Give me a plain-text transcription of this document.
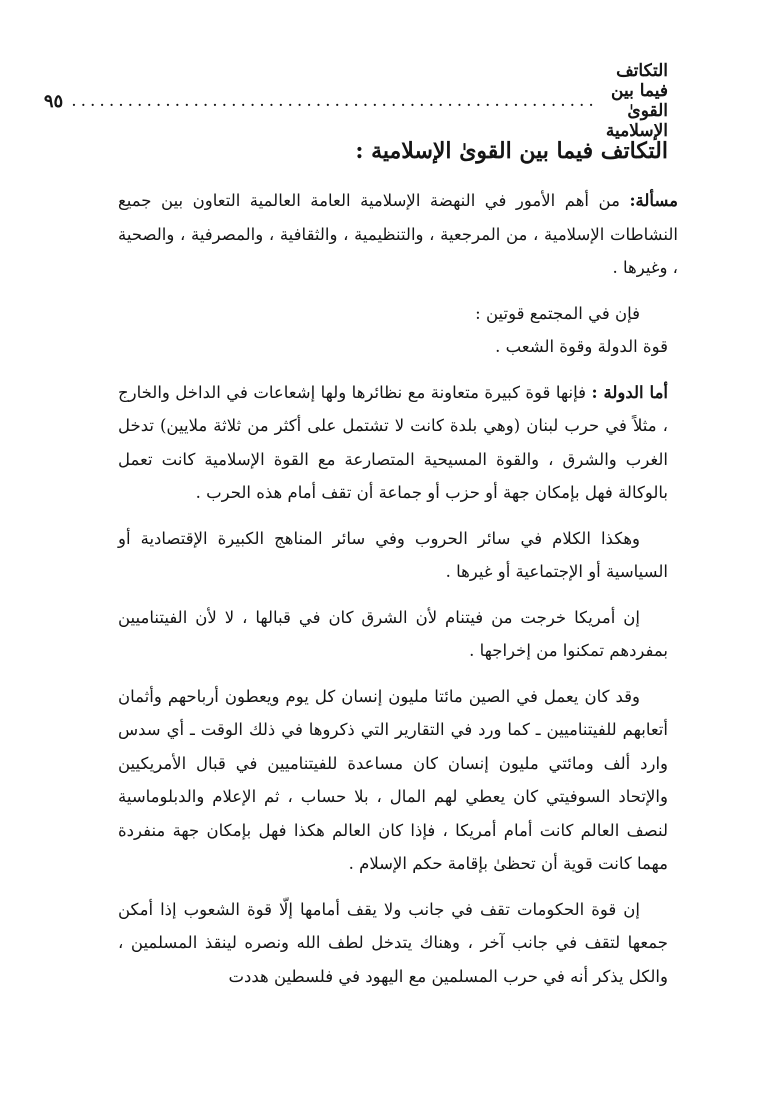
التكاتف فيما بين القوىٰ الإسلامية
........................................................
٩٥
التكاتف فيما بين القوىٰ الإسلامية :

مسألة: من أهم الأمور في النهضة الإسلامية العامة العالمية التعاون بين جميع النشاطات الإسلامية ، من المرجعية ، والتنظيمية ، والثقافية ، والمصرفية ، والصحية ، وغيرها .

فإن في المجتمع قوتين :

قوة الدولة وقوة الشعب .

أما الدولة : فإنها قوة كبيرة متعاونة مع نظائرها ولها إشعاعات في الداخل والخارج ، مثلاً في حرب لبنان (وهي بلدة كانت لا تشتمل على أكثر من ثلاثة ملايين) تدخل الغرب والشرق ، والقوة المسيحية المتصارعة مع القوة الإسلامية كانت تعمل بالوكالة فهل بإمكان جهة أو حزب أو جماعة أن تقف أمام هذه الحرب .

وهكذا الكلام في سائر الحروب وفي سائر المناهج الكبيرة الإقتصادية أو السياسية أو الإجتماعية أو غيرها .

إن أمريكا خرجت من فيتنام لأن الشرق كان في قبالها ، لا لأن الفيتناميين بمفردهم تمكنوا من إخراجها .

وقد كان يعمل في الصين مائتا مليون إنسان كل يوم ويعطون أرباحهم وأثمان أتعابهم للفيتناميين ـ كما ورد في التقارير التي ذكروها في ذلك الوقت ـ أي سدس وارد ألف ومائتي مليون إنسان كان مساعدة للفيتناميين في قبال الأمريكيين والإتحاد السوفيتي كان يعطي لهم المال ، بلا حساب ، ثم الإعلام والدبلوماسية لنصف العالم كانت أمام أمريكا ، فإذا كان العالم هكذا فهل بإمكان جهة منفردة مهما كانت قوية أن تحظىٰ بإقامة حكم الإسلام .

إن قوة الحكومات تقف في جانب ولا يقف أمامها إلّا قوة الشعوب إذا أمكن جمعها لتقف في جانب آخر ، وهناك يتدخل لطف الله ونصره لينقذ المسلمين ، والكل يذكر أنه في حرب المسلمين مع اليهود في فلسطين هددت
